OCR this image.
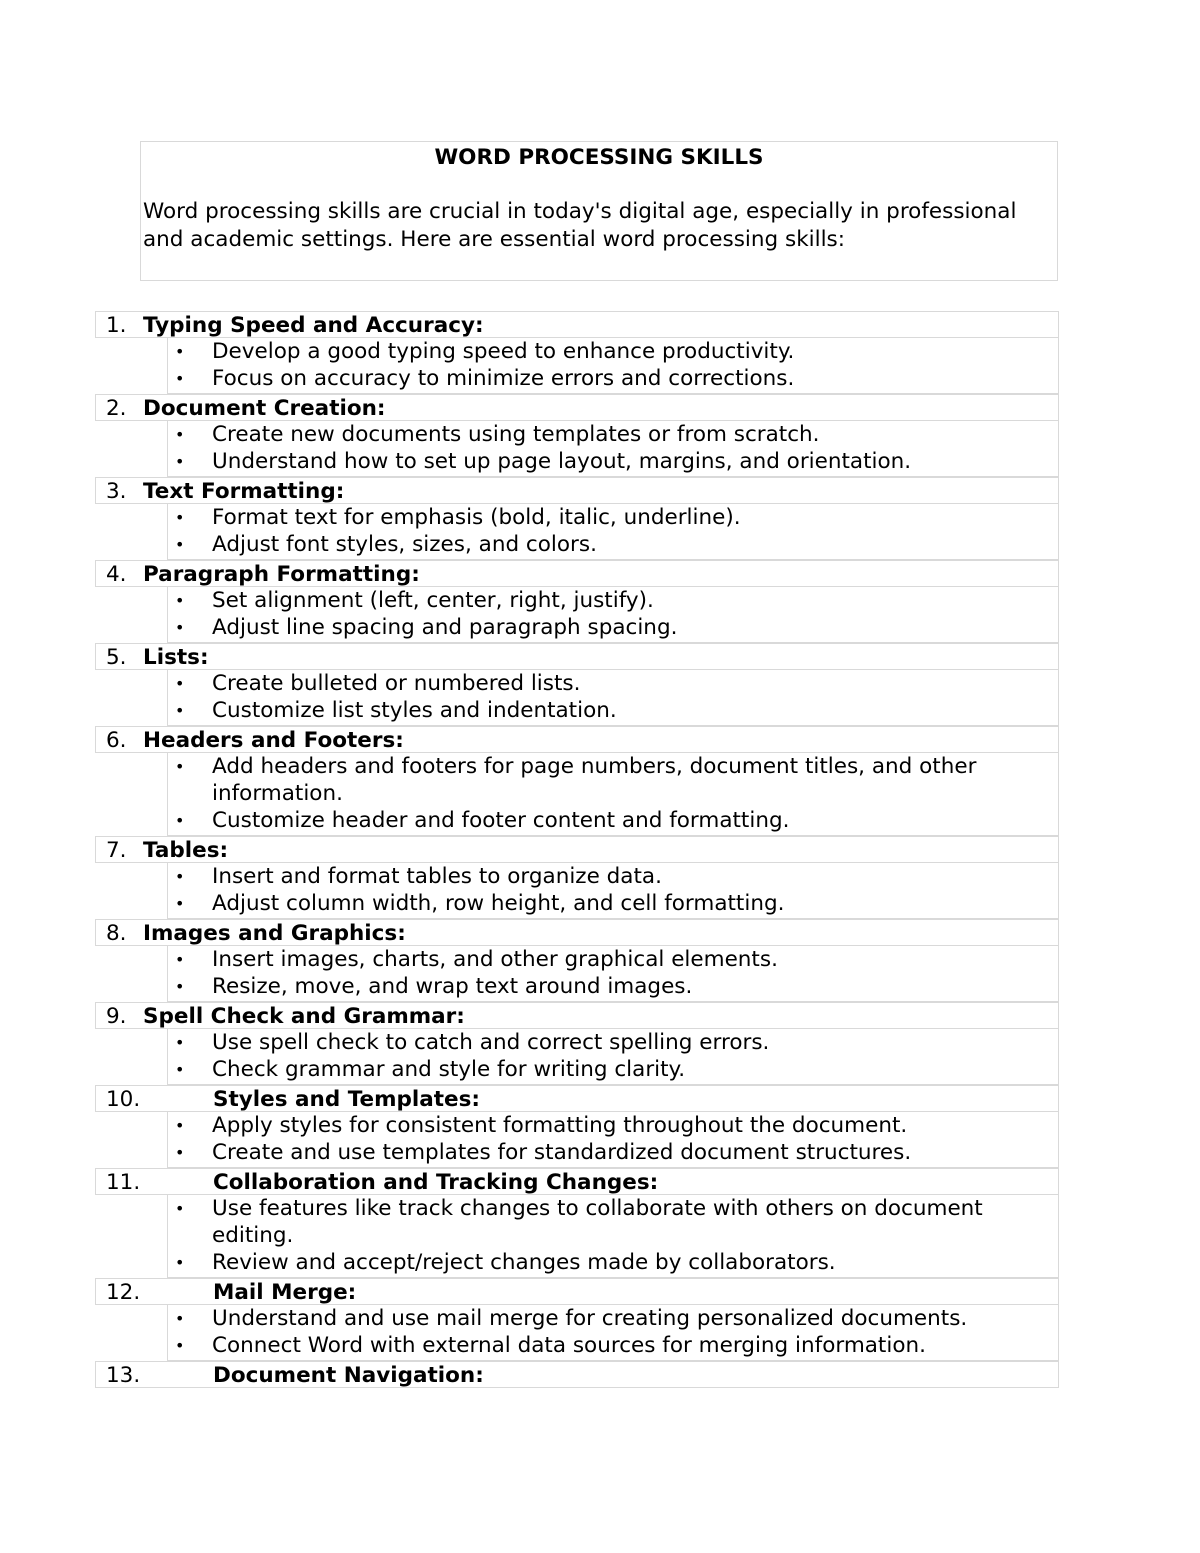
WORD PROCESSING SKILLS

Word processing skills are crucial in today's digital age, especially in professional and academic settings. Here are essential word processing skills:

1. Typing Speed and Accuracy:
• Develop a good typing speed to enhance productivity.
• Focus on accuracy to minimize errors and corrections.
2. Document Creation:
• Create new documents using templates or from scratch.
• Understand how to set up page layout, margins, and orientation.
3. Text Formatting:
• Format text for emphasis (bold, italic, underline).
• Adjust font styles, sizes, and colors.
4. Paragraph Formatting:
• Set alignment (left, center, right, justify).
• Adjust line spacing and paragraph spacing.
5. Lists:
• Create bulleted or numbered lists.
• Customize list styles and indentation.
6. Headers and Footers:
• Add headers and footers for page numbers, document titles, and other information.
• Customize header and footer content and formatting.
7. Tables:
• Insert and format tables to organize data.
• Adjust column width, row height, and cell formatting.
8. Images and Graphics:
• Insert images, charts, and other graphical elements.
• Resize, move, and wrap text around images.
9. Spell Check and Grammar:
• Use spell check to catch and correct spelling errors.
• Check grammar and style for writing clarity.
10.	Styles and Templates:
• Apply styles for consistent formatting throughout the document.
• Create and use templates for standardized document structures.
11.	Collaboration and Tracking Changes:
• Use features like track changes to collaborate with others on document editing.
• Review and accept/reject changes made by collaborators.
12.	Mail Merge:
• Understand and use mail merge for creating personalized documents.
• Connect Word with external data sources for merging information.
13.	Document Navigation:
